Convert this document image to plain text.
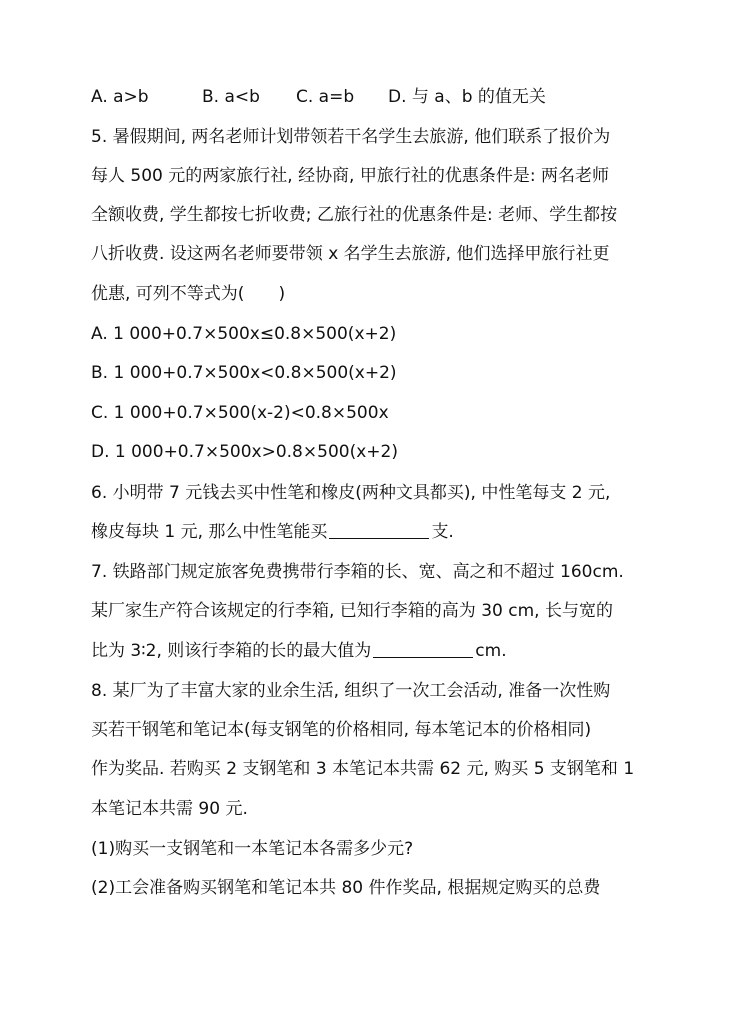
A. a>b	B. a<b C. a=b D. 与 a、b 的值无关
5. 暑假期间, 两名老师计划带领若干名学生去旅游, 他们联系了报价为
每人 500 元的两家旅行社, 经协商, 甲旅行社的优惠条件是: 两名老师
全额收费, 学生都按七折收费; 乙旅行社的优惠条件是: 老师、学生都按
八折收费. 设这两名老师要带领 x 名学生去旅游, 他们选择甲旅行社更
优惠, 可列不等式为(　　)
A. 1 000+0.7×500x≤0.8×500(x+2)
B. 1 000+0.7×500x<0.8×500(x+2)
C. 1 000+0.7×500(x-2)<0.8×500x
D. 1 000+0.7×500x>0.8×500(x+2)
6. 小明带 7 元钱去买中性笔和橡皮(两种文具都买), 中性笔每支 2 元,
橡皮每块 1 元, 那么中性笔能买	支.
7. 铁路部门规定旅客免费携带行李箱的长、宽、高之和不超过 160cm.
某厂家生产符合该规定的行李箱, 已知行李箱的高为 30 cm, 长与宽的
比为 3∶2, 则该行李箱的长的最大值为	cm.
8. 某厂为了丰富大家的业余生活, 组织了一次工会活动, 准备一次性购
买若干钢笔和笔记本(每支钢笔的价格相同, 每本笔记本的价格相同)
作为奖品. 若购买 2 支钢笔和 3 本笔记本共需 62 元, 购买 5 支钢笔和 1
本笔记本共需 90 元.
(1)购买一支钢笔和一本笔记本各需多少元?
(2)工会准备购买钢笔和笔记本共 80 件作奖品, 根据规定购买的总费
